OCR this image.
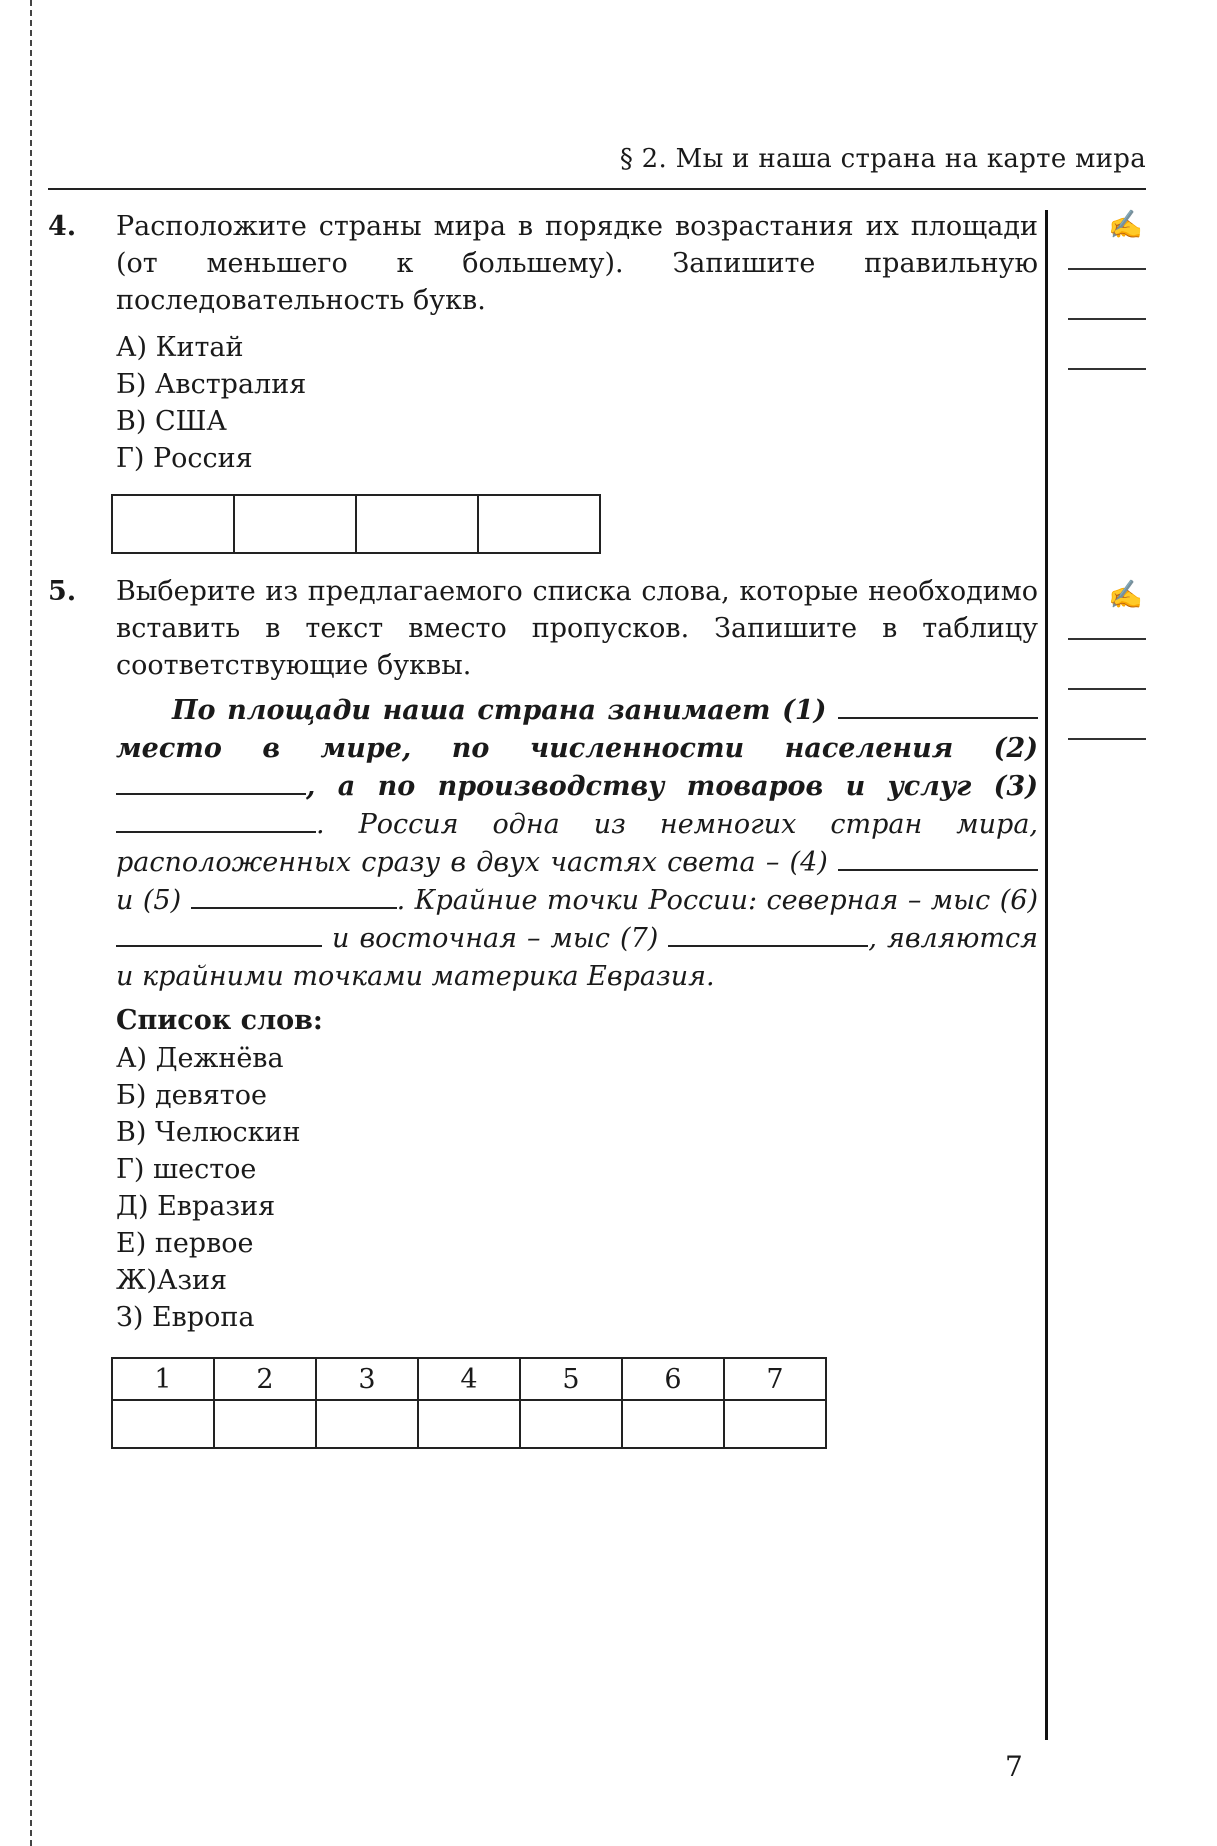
§ 2. Мы и наша страна на карте мира
✍
✍
4. Расположите страны мира в порядке возрастания их площади (от меньшего к большему). Запишите правильную последовательность букв.
А) Китай
Б) Австралия
В) США
Г) Россия

5. Выберите из предлагаемого списка слова, которые необходимо вставить в текст вместо пропусков. Запишите в таблицу соответствующие буквы.
По площади наша страна занимает (1)  место в мире, по численности населения (2) , а по производству товаров и услуг (3) . Россия одна из немногих стран мира, расположенных сразу в двух частях света – (4)  и (5)	. Крайние точки России: северная – мыс (6)  и восточная – мыс (7)	, являются и крайними точками материка Евразия.
Список слов:
А) Дежнёва
Б) девятое
В) Челюскин
Г) шестое
Д) Евразия
Е) первое
Ж)Азия
З) Европа
1	2	3	4	5	6	7

7
